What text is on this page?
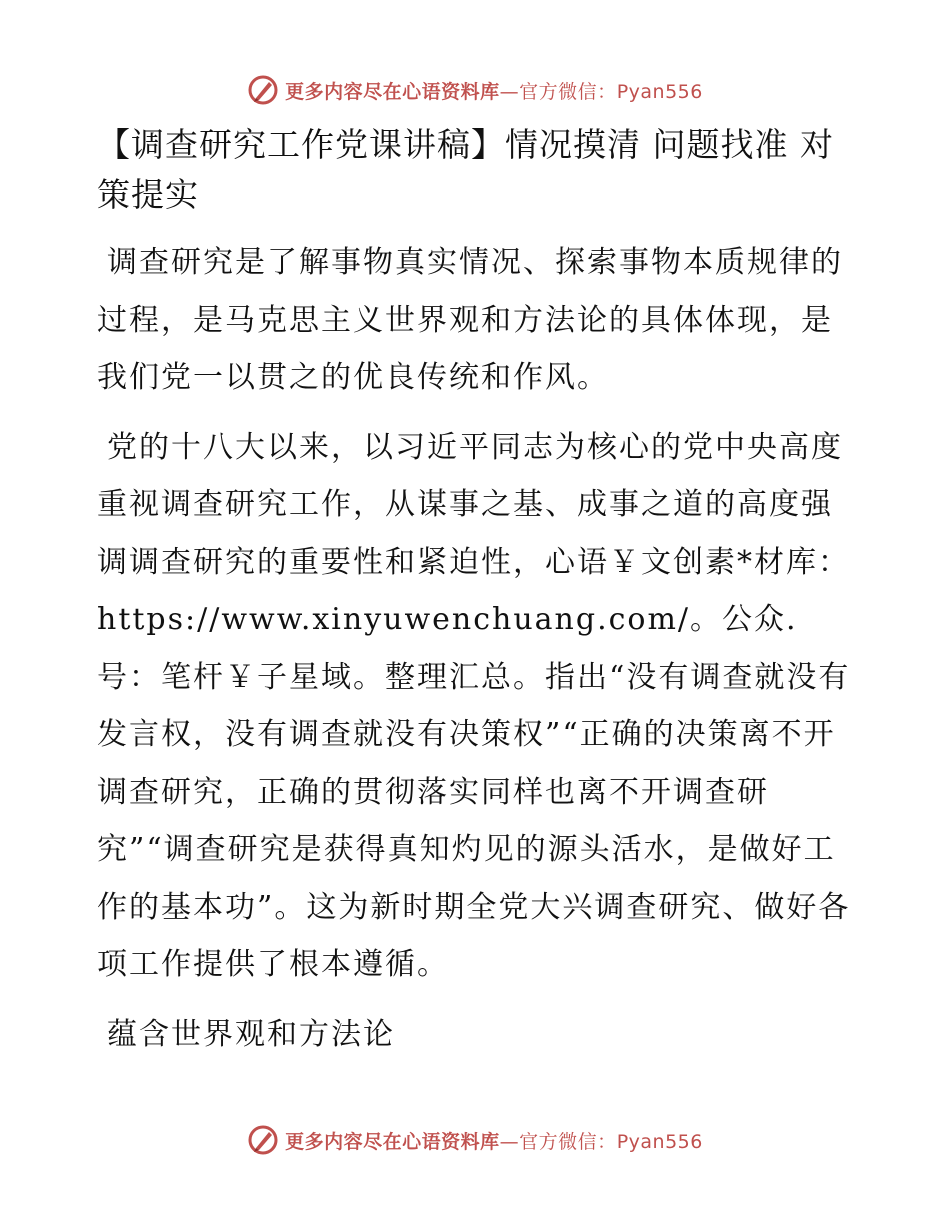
更多内容尽在心语资料库—官方微信：Pyan556
【调查研究工作党课讲稿】情况摸清 问题找准 对策提实

调查研究是了解事物真实情况、探索事物本质规律的过程，是马克思主义世界观和方法论的具体体现，是我们党一以贯之的优良传统和作风。

党的十八大以来，以习近平同志为核心的党中央高度重视调查研究工作，从谋事之基、成事之道的高度强调调查研究的重要性和紧迫性，心语￥文创素*材库：https://www.xinyuwenchuang.com/。公众.号：笔杆￥子星域。整理汇总。指出“没有调查就没有发言权，没有调查就没有决策权”“正确的决策离不开调查研究，正确的贯彻落实同样也离不开调查研究”“调查研究是获得真知灼见的源头活水，是做好工作的基本功”。这为新时期全党大兴调查研究、做好各项工作提供了根本遵循。

蕴含世界观和方法论

更多内容尽在心语资料库—官方微信：Pyan556
